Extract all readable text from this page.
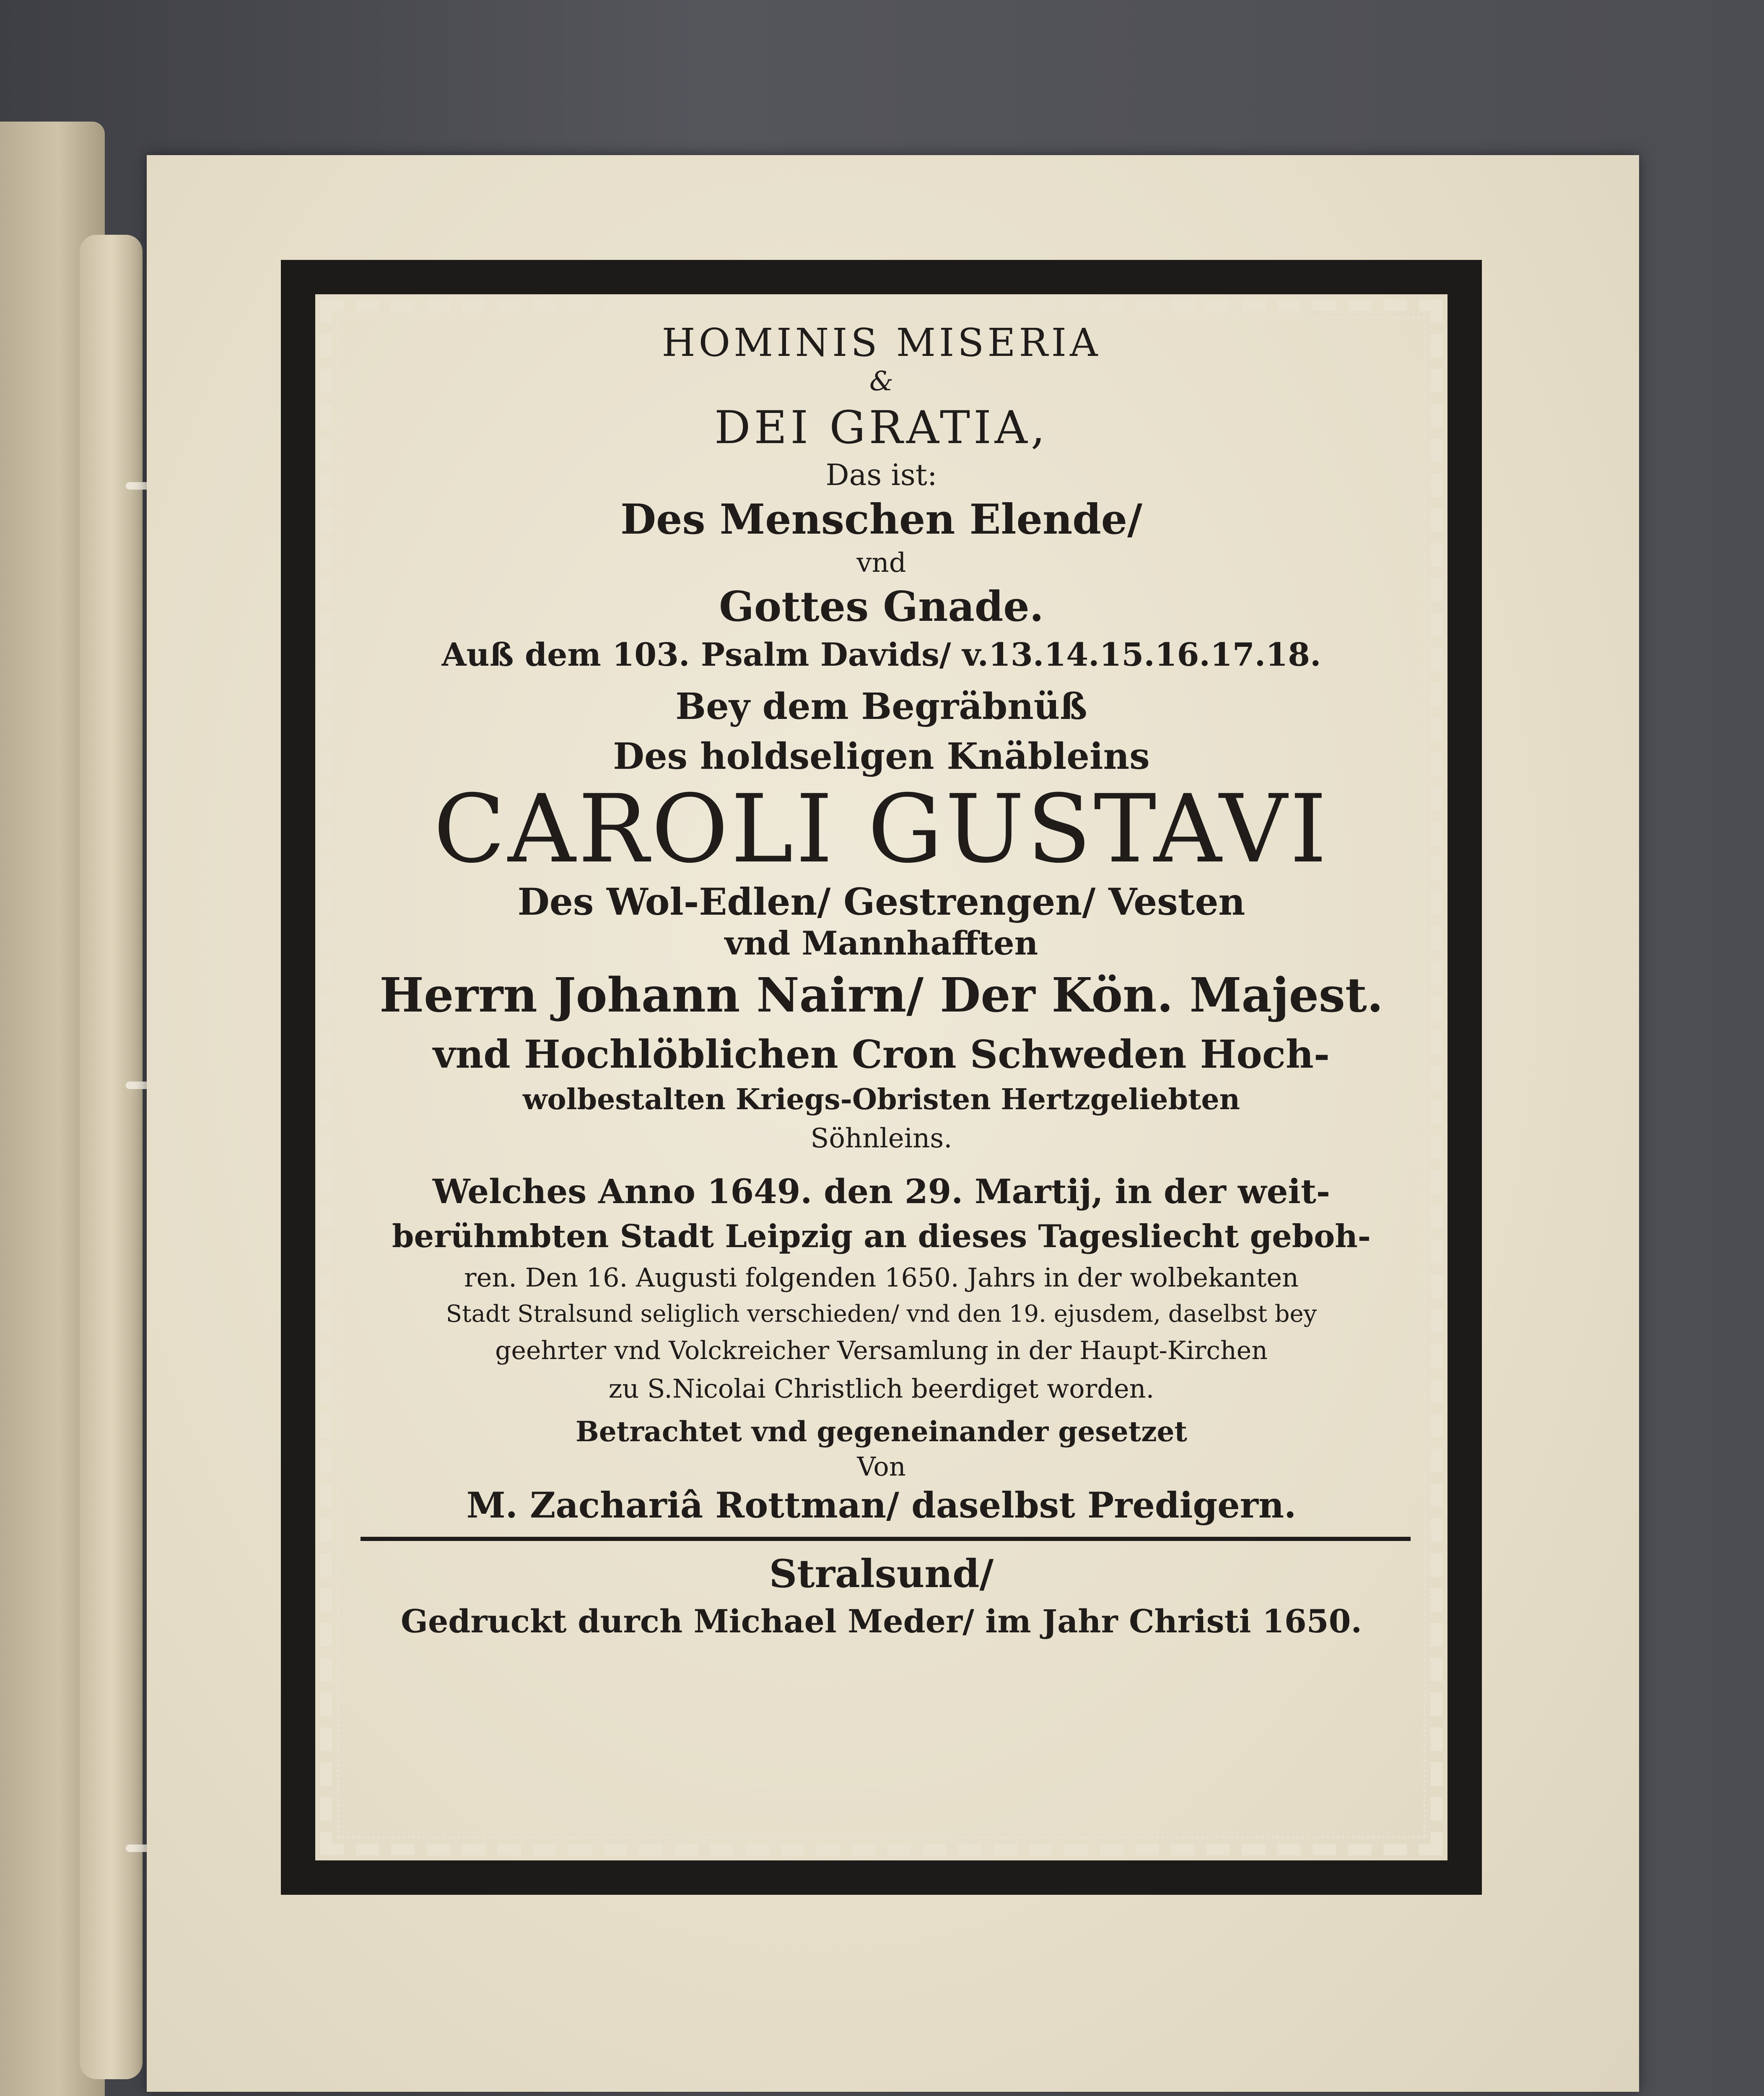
HOMINIS MISERIA
&
DEI GRATIA,
Das ist:
Des Menschen Elende/
vnd
Gottes Gnade.
Auß dem 103. Psalm Davids/ v.13.14.15.16.17.18.
Bey dem Begräbnüß
Des holdseligen Knäbleins
CAROLI GUSTAVI
Des Wol-Edlen/ Gestrengen/ Vesten
vnd Mannhafften
Herrn Johann Nairn/ Der Kön. Majest.
vnd Hochlöblichen Cron Schweden Hoch-
wolbestalten Kriegs-Obristen Hertzgeliebten
Söhnleins.
Welches Anno 1649. den 29. Martij, in der weit-
berühmbten Stadt Leipzig an dieses Tagesliecht geboh-
ren. Den 16. Augusti folgenden 1650. Jahrs in der wolbekanten
Stadt Stralsund seliglich verschieden/ vnd den 19. ejusdem, daselbst bey
geehrter vnd Volckreicher Versamlung in der Haupt-Kirchen
zu S.Nicolai Christlich beerdiget worden.
Betrachtet vnd gegeneinander gesetzet
Von
M. Zachariâ Rottman/ daselbst Predigern.
Stralsund/
Gedruckt durch Michael Meder/ im Jahr Christi 1650.
